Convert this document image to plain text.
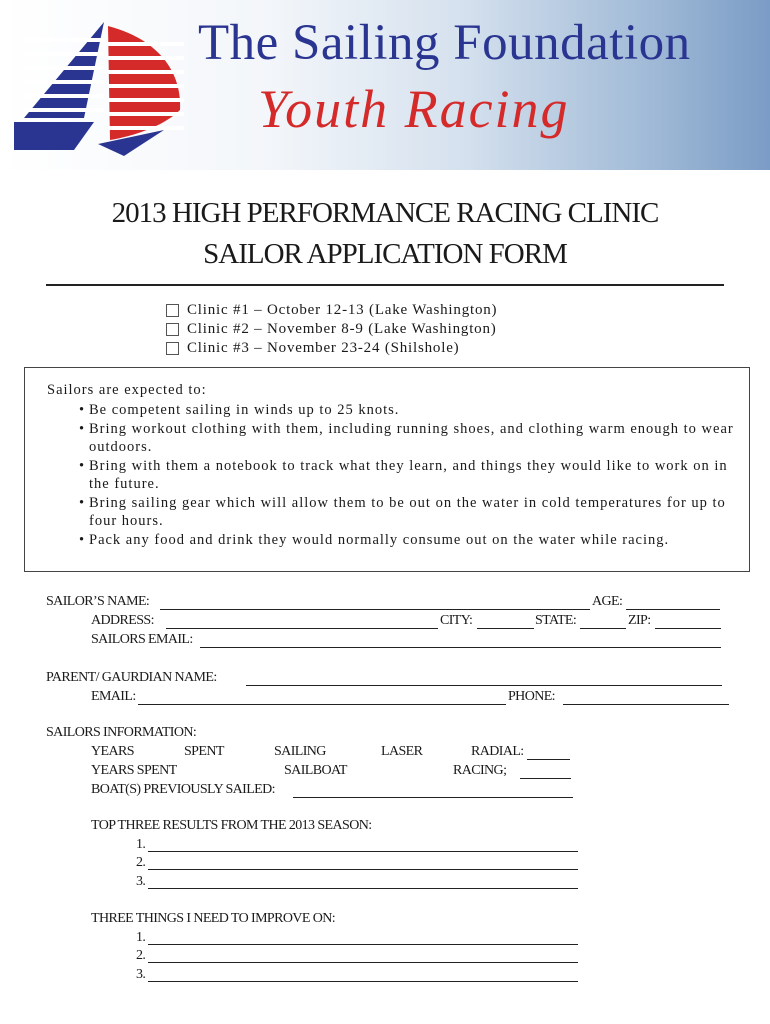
The Sailing Foundation
Youth Racing
2013 HIGH PERFORMANCE RACING CLINIC
SAILOR APPLICATION FORM
Clinic #1 – October 12-13 (Lake Washington)
Clinic #2 – November 8-9 (Lake Washington)
Clinic #3 – November 23-24 (Shilshole)
Sailors are expected to:

• Be competent sailing in winds up to 25 knots.

• Bring workout clothing with them, including running shoes, and clothing warm enough to wear outdoors.

• Bring with them a notebook to track what they learn, and things they would like to work on in the future.

• Bring sailing gear which will allow them to be out on the water in cold temperatures for up to four hours.

• Pack any food and drink they would normally consume out on the water while racing.

SAILOR’S NAME:	AGE:
ADDRESS:	CITY:	STATE:	ZIP:
SAILORS EMAIL:
PARENT/ GAURDIAN NAME:
EMAIL:	PHONE:
SAILORS INFORMATION:
YEARS	SPENT	SAILING	LASER	RADIAL:
YEARS SPENT	SAILBOAT	RACING;
BOAT(S) PREVIOUSLY SAILED:
TOP THREE RESULTS FROM THE 2013 SEASON:
1.
2.
3.
THREE THINGS I NEED TO IMPROVE ON:
1.
2.
3.
